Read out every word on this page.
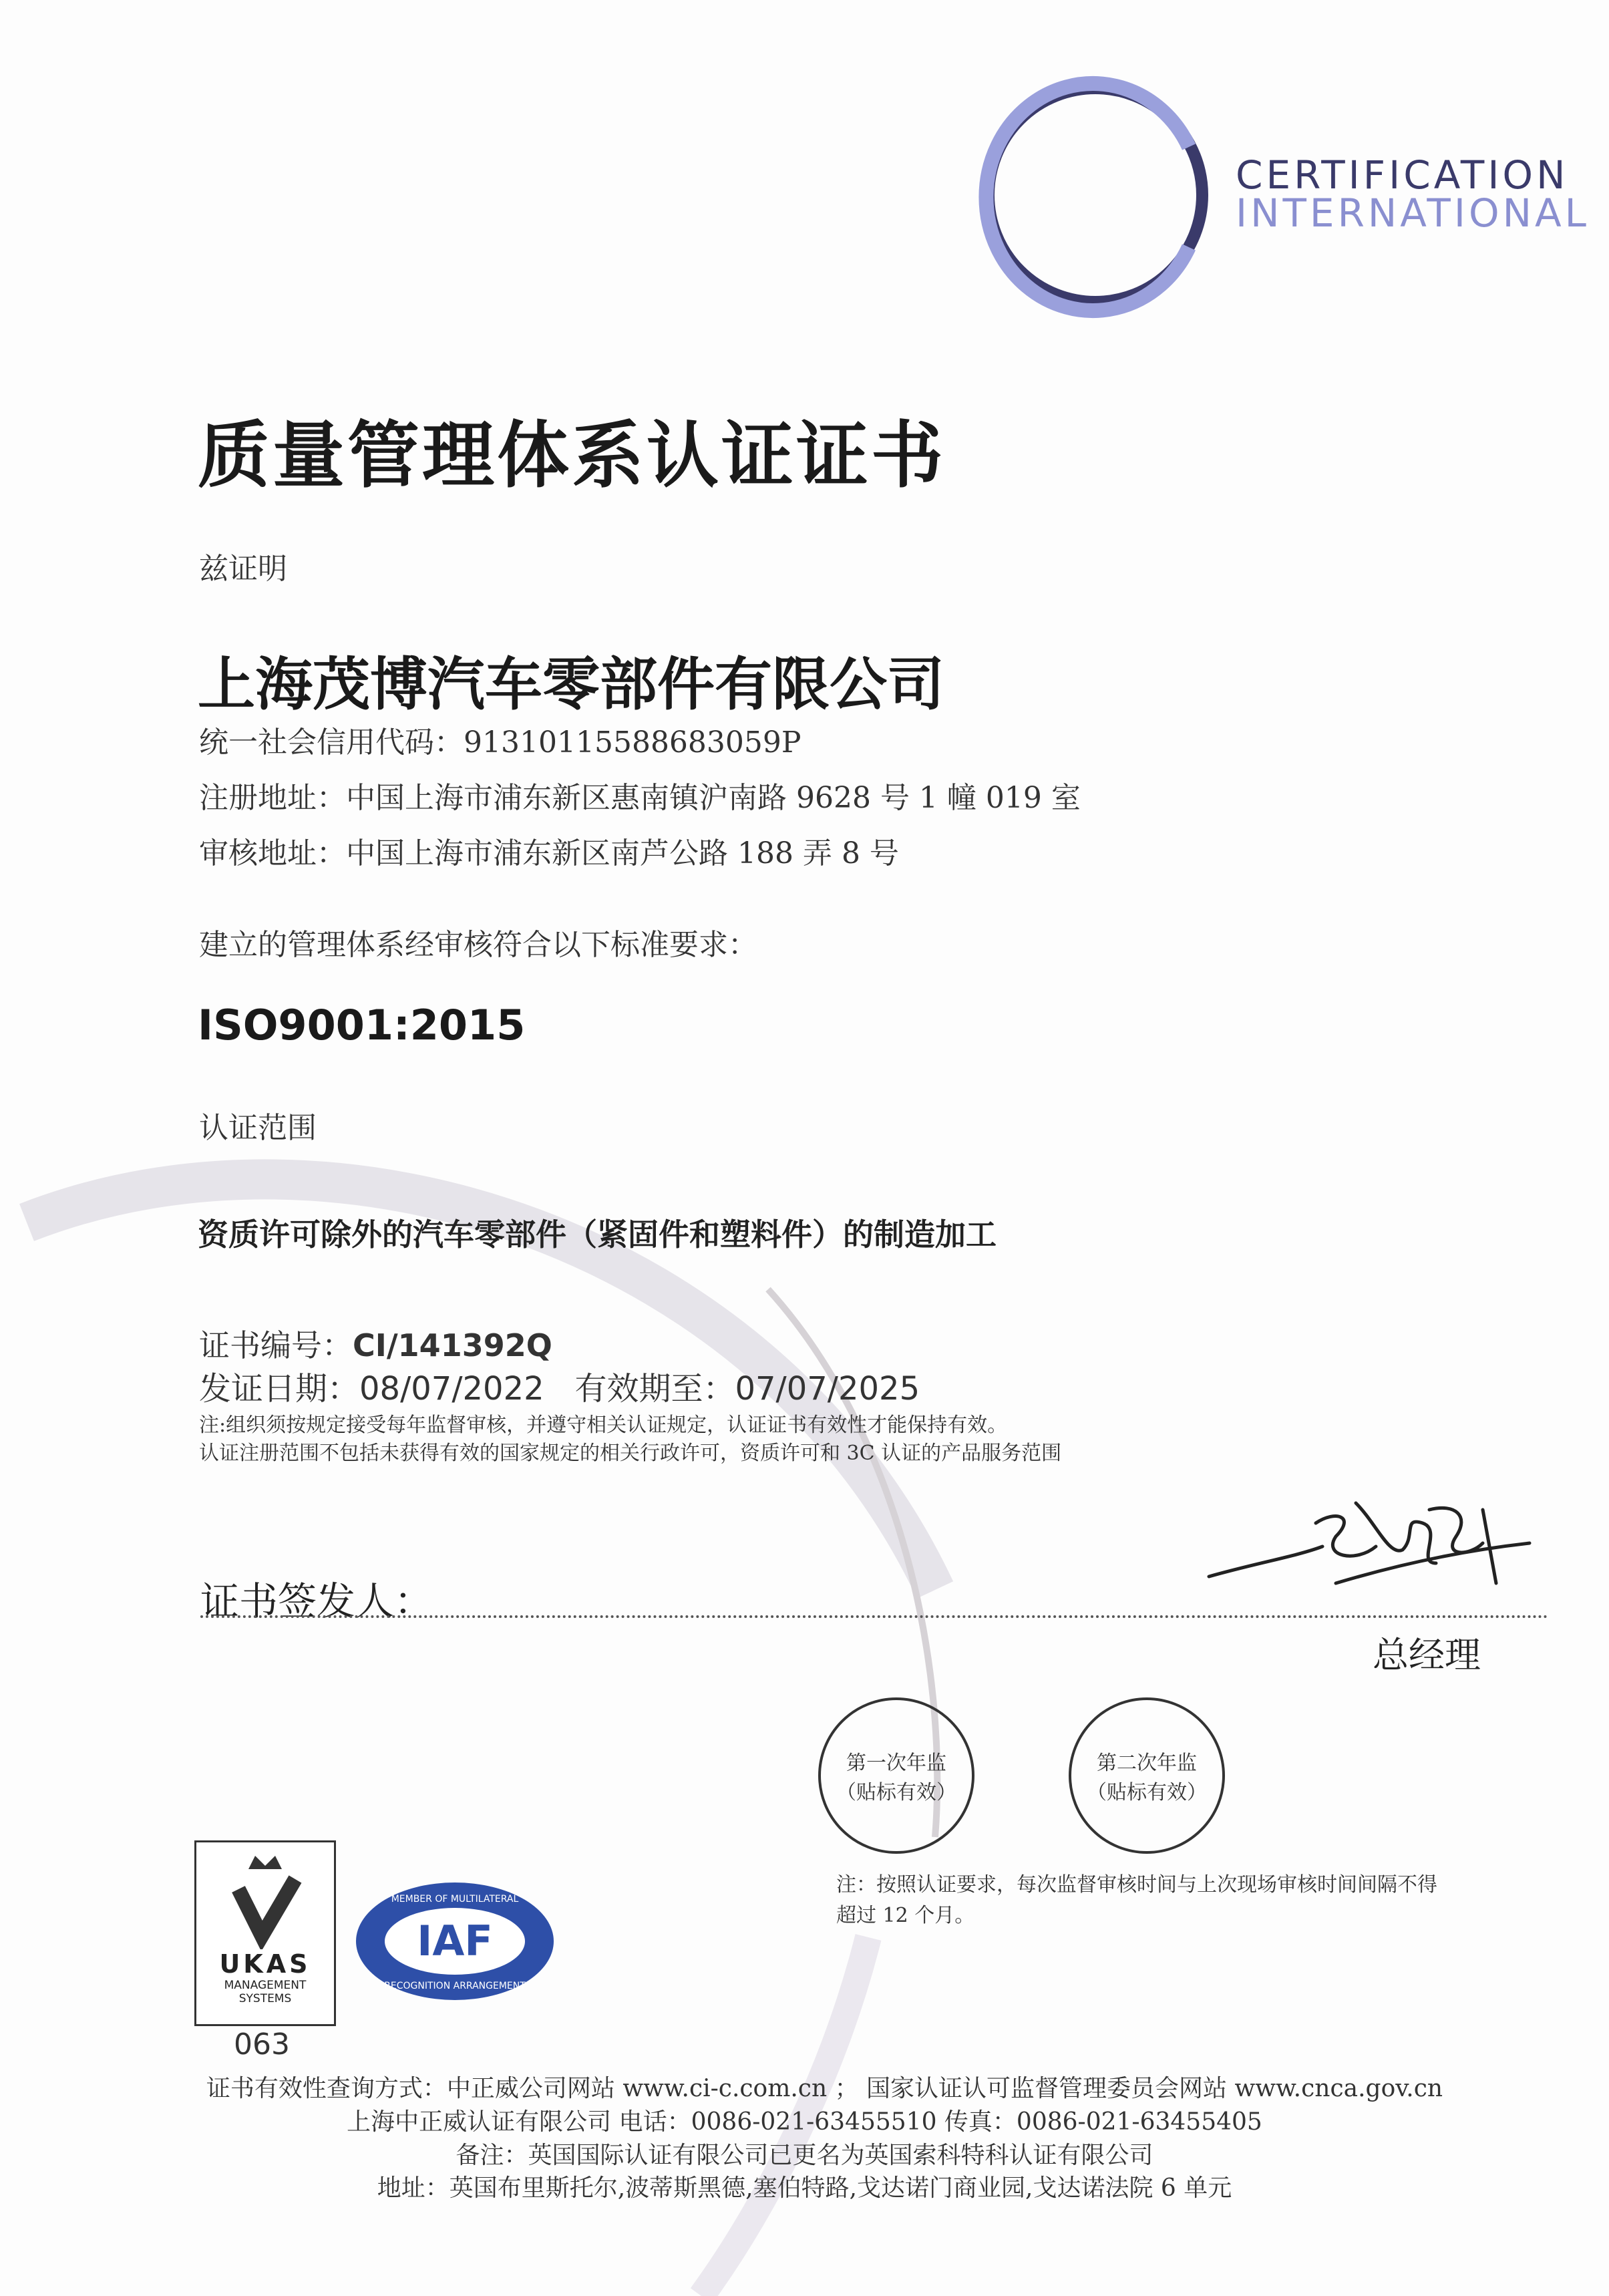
CERTIFICATION
INTERNATIONAL
质量管理体系认证证书
兹证明
上海茂博汽车零部件有限公司
统一社会信用代码：91310115588683059P
注册地址：中国上海市浦东新区惠南镇沪南路 9628 号 1 幢 019 室
审核地址：中国上海市浦东新区南芦公路 188 弄 8 号
建立的管理体系经审核符合以下标准要求：
ISO9001:2015
认证范围
资质许可除外的汽车零部件（紧固件和塑料件）的制造加工
证书编号：CI/141392Q
发证日期：08/07/2022 有效期至：07/07/2025
注:组织须按规定接受每年监督审核，并遵守相关认证规定，认证证书有效性才能保持有效。
认证注册范围不包括未获得有效的国家规定的相关行政许可，资质许可和 3C 认证的产品服务范围
证书签发人：
总经理
第一次年监
（贴标有效）
第二次年监
（贴标有效）
注：按照认证要求，每次监督审核时间与上次现场审核时间间隔不得
超过 12 个月。
UKAS
MANAGEMENT
SYSTEMS
063
IAF
MEMBER OF MULTILATERAL
RECOGNITION ARRANGEMENT
证书有效性查询方式：中正威公司网站 www.ci-c.com.cn ； 国家认证认可监督管理委员会网站 www.cnca.gov.cn
上海中正威认证有限公司 电话：0086-021-63455510 传真：0086-021-63455405
备注：英国国际认证有限公司已更名为英国索科特科认证有限公司
地址：英国布里斯托尔,波蒂斯黑德,塞伯特路,戈达诺门商业园,戈达诺法院 6 单元
